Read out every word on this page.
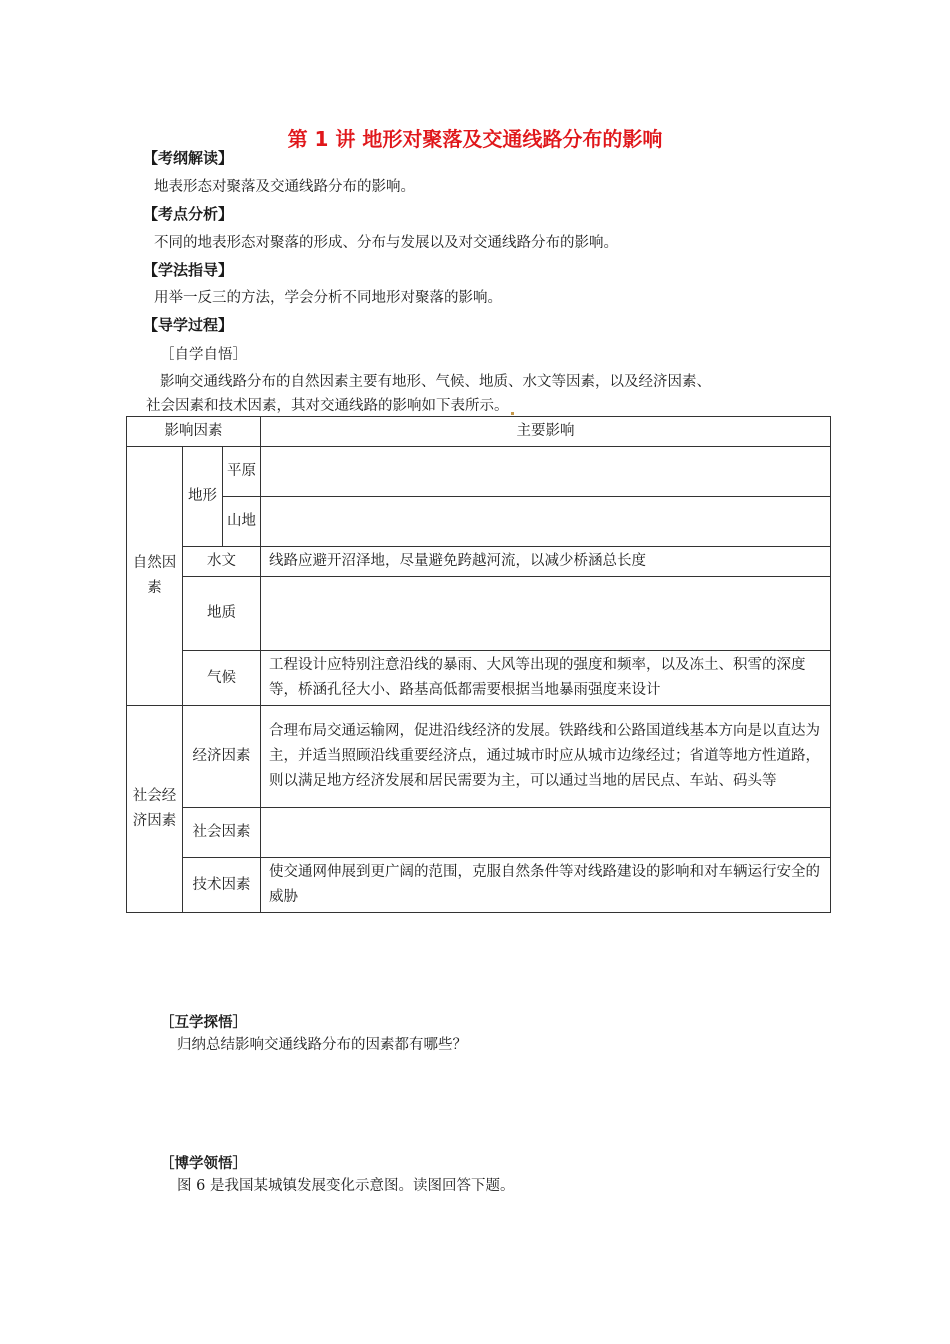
第 1 讲 地形对聚落及交通线路分布的影响
【考纲解读】
地表形态对聚落及交通线路分布的影响。
【考点分析】
不同的地表形态对聚落的形成、分布与发展以及对交通线路分布的影响。
【学法指导】
用举一反三的方法，学会分析不同地形对聚落的影响。
【导学过程】
［自学自悟］
影响交通线路分布的自然因素主要有地形、气候、地质、水文等因素，以及经济因素、
社会因素和技术因素，其对交通线路的影响如下表所示。
影响因素			主要影响
自然因素	地形	平原	
		山地	
	水文		线路应避开沼泽地，尽量避免跨越河流，以减少桥涵总长度
	地质		
	气候		工程设计应特别注意沿线的暴雨、大风等出现的强度和频率，以及冻土、积雪的深度等，桥涵孔径大小、路基高低都需要根据当地暴雨强度来设计
社会经济因素	经济因素		合理布局交通运输网，促进沿线经济的发展。铁路线和公路国道线基本方向是以直达为主，并适当照顾沿线重要经济点，通过城市时应从城市边缘经过；省道等地方性道路，则以满足地方经济发展和居民需要为主，可以通过当地的居民点、车站、码头等
	社会因素		
	技术因素		使交通网伸展到更广阔的范围，克服自然条件等对线路建设的影响和对车辆运行安全的威胁
［互学探悟］
归纳总结影响交通线路分布的因素都有哪些？
［博学领悟］
图 6 是我国某城镇发展变化示意图。读图回答下题。
